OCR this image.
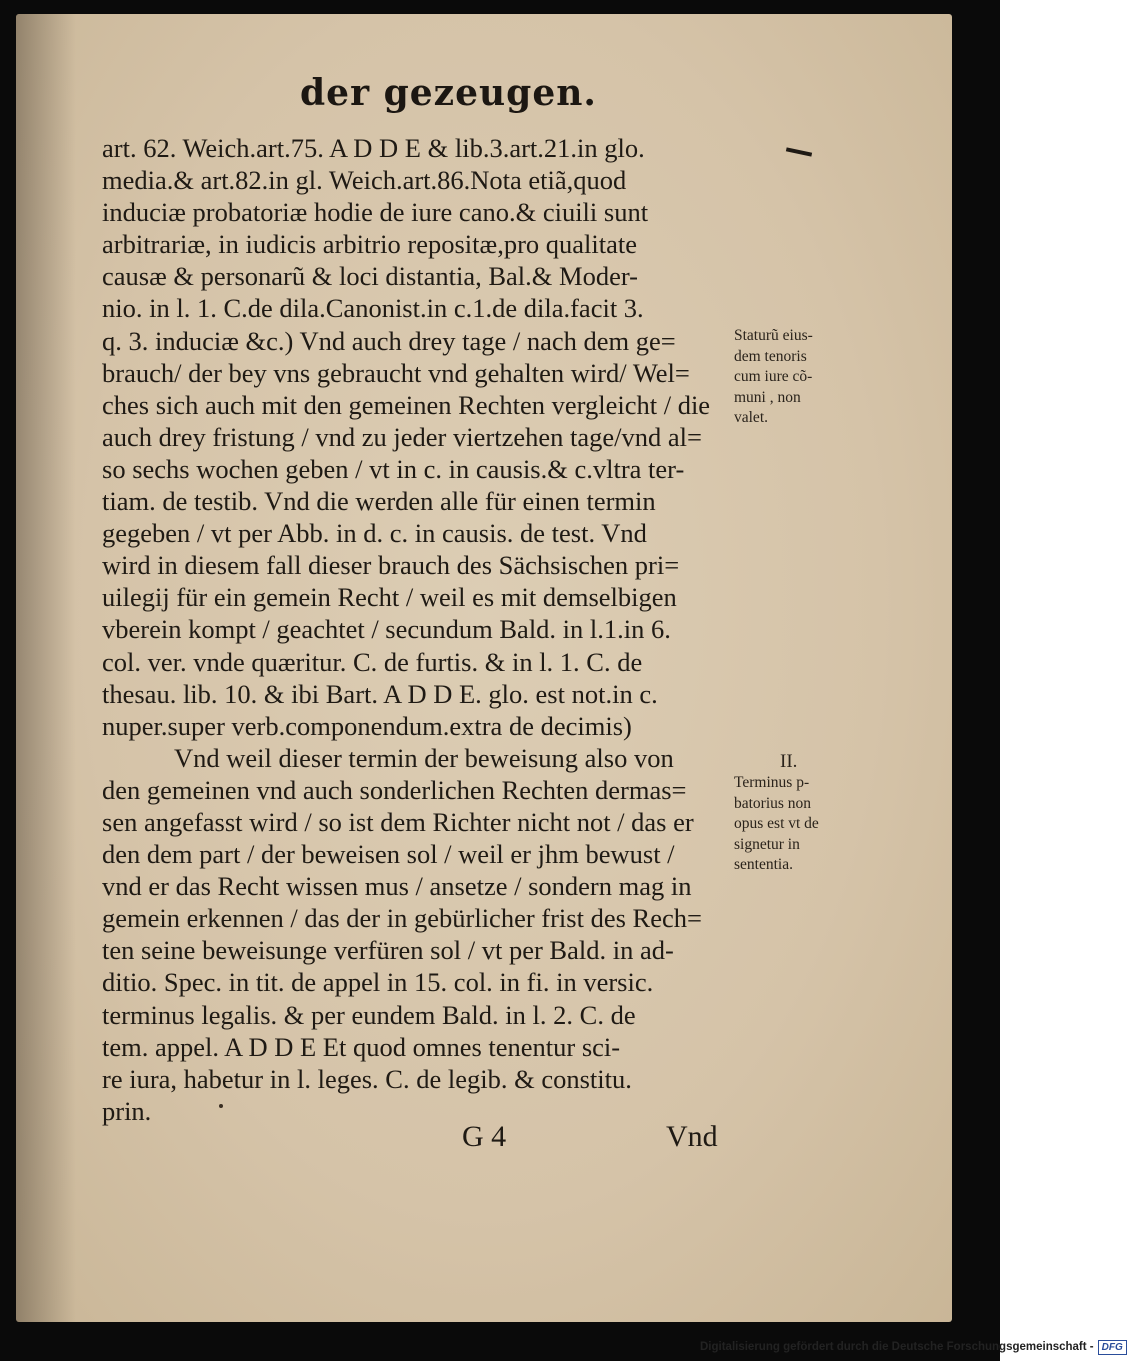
der gezeugen.
art. 62. Weich.art.75. A D D E & lib.3.art.21.in glo.
media.& art.82.in gl. Weich.art.86.Nota etiã,quod
induciæ probatoriæ hodie de iure cano.& ciuili sunt
arbitrariæ, in iudicis arbitrio repositæ,pro qualitate
causæ & personarũ & loci distantia, Bal.& Moder-
nio. in l. 1. C.de dila.Canonist.in c.1.de dila.facit 3.
q. 3. induciæ &c.) Vnd auch drey tage / nach dem ge=
brauch/ der bey vns gebraucht vnd gehalten wird/ Wel=
ches sich auch mit den gemeinen Rechten vergleicht / die
auch drey fristung / vnd zu jeder viertzehen tage/vnd al=
so sechs wochen geben / vt in c. in causis.& c.vltra ter-
tiam. de testib. Vnd die werden alle für einen termin
gegeben / vt per Abb. in d. c. in causis. de test. Vnd
wird in diesem fall dieser brauch des Sächsischen pri=
uilegij für ein gemein Recht / weil es mit demselbigen
vberein kompt / geachtet / secundum Bald. in l.1.in 6.
col. ver. vnde quæritur. C. de furtis. & in l. 1. C. de
thesau. lib. 10. & ibi Bart. A D D E. glo. est not.in c.
nuper.super verb.componendum.extra de decimis)
Vnd weil dieser termin der beweisung also von
den gemeinen vnd auch sonderlichen Rechten dermas=
sen angefasst wird / so ist dem Richter nicht not / das er
den dem part / der beweisen sol / weil er jhm bewust /
vnd er das Recht wissen mus / ansetze / sondern mag in
gemein erkennen / das der in gebürlicher frist des Rech=
ten seine beweisunge verfüren sol / vt per Bald. in ad-
ditio. Spec. in tit. de appel in 15. col. in fi. in versic.
terminus legalis. & per eundem Bald. in l. 2. C. de
tem. appel. A D D E Et quod omnes tenentur sci-
re iura, habetur in l. leges. C. de legib. & constitu.
prin.
Staturũ eius-
dem tenoris
cum iure cõ-
muni , non
valet.
II.
Terminus p-
batorius non
opus est vt de
signetur in
sententia.
G 4	Vnd
Digitalisierung gefördert durch die Deutsche Forschungsgemeinschaft - DFG
